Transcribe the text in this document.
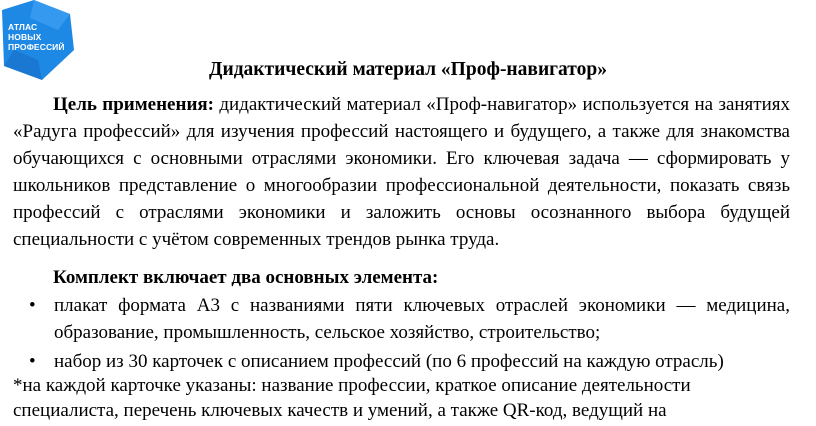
АТЛАС
НОВЫХ
ПРОФЕССИЙ
Дидактический материал «Проф-навигатор»

Цель применения: дидактический материал «Проф-навигатор» используется на занятиях «Радуга профессий» для изучения профессий настоящего и будущего, а также для знакомства обучающихся с основными отраслями экономики. Его ключевая задача — сформировать у школьников представление о многообразии профессиональной деятельности, показать связь профессий с отраслями экономики и заложить основы осознанного выбора будущей специальности с учётом современных трендов рынка труда.

Комплект включает два основных элемента:
• плакат формата А3 с названиями пяти ключевых отраслей экономики — медицина, образование, промышленность, сельское хозяйство, строительство;
• набор из 30 карточек с описанием профессий (по 6 профессий на каждую отрасль)

*на каждой карточке указаны: название профессии, краткое описание деятельности специалиста, перечень ключевых качеств и умений, а также QR-код, ведущий на
